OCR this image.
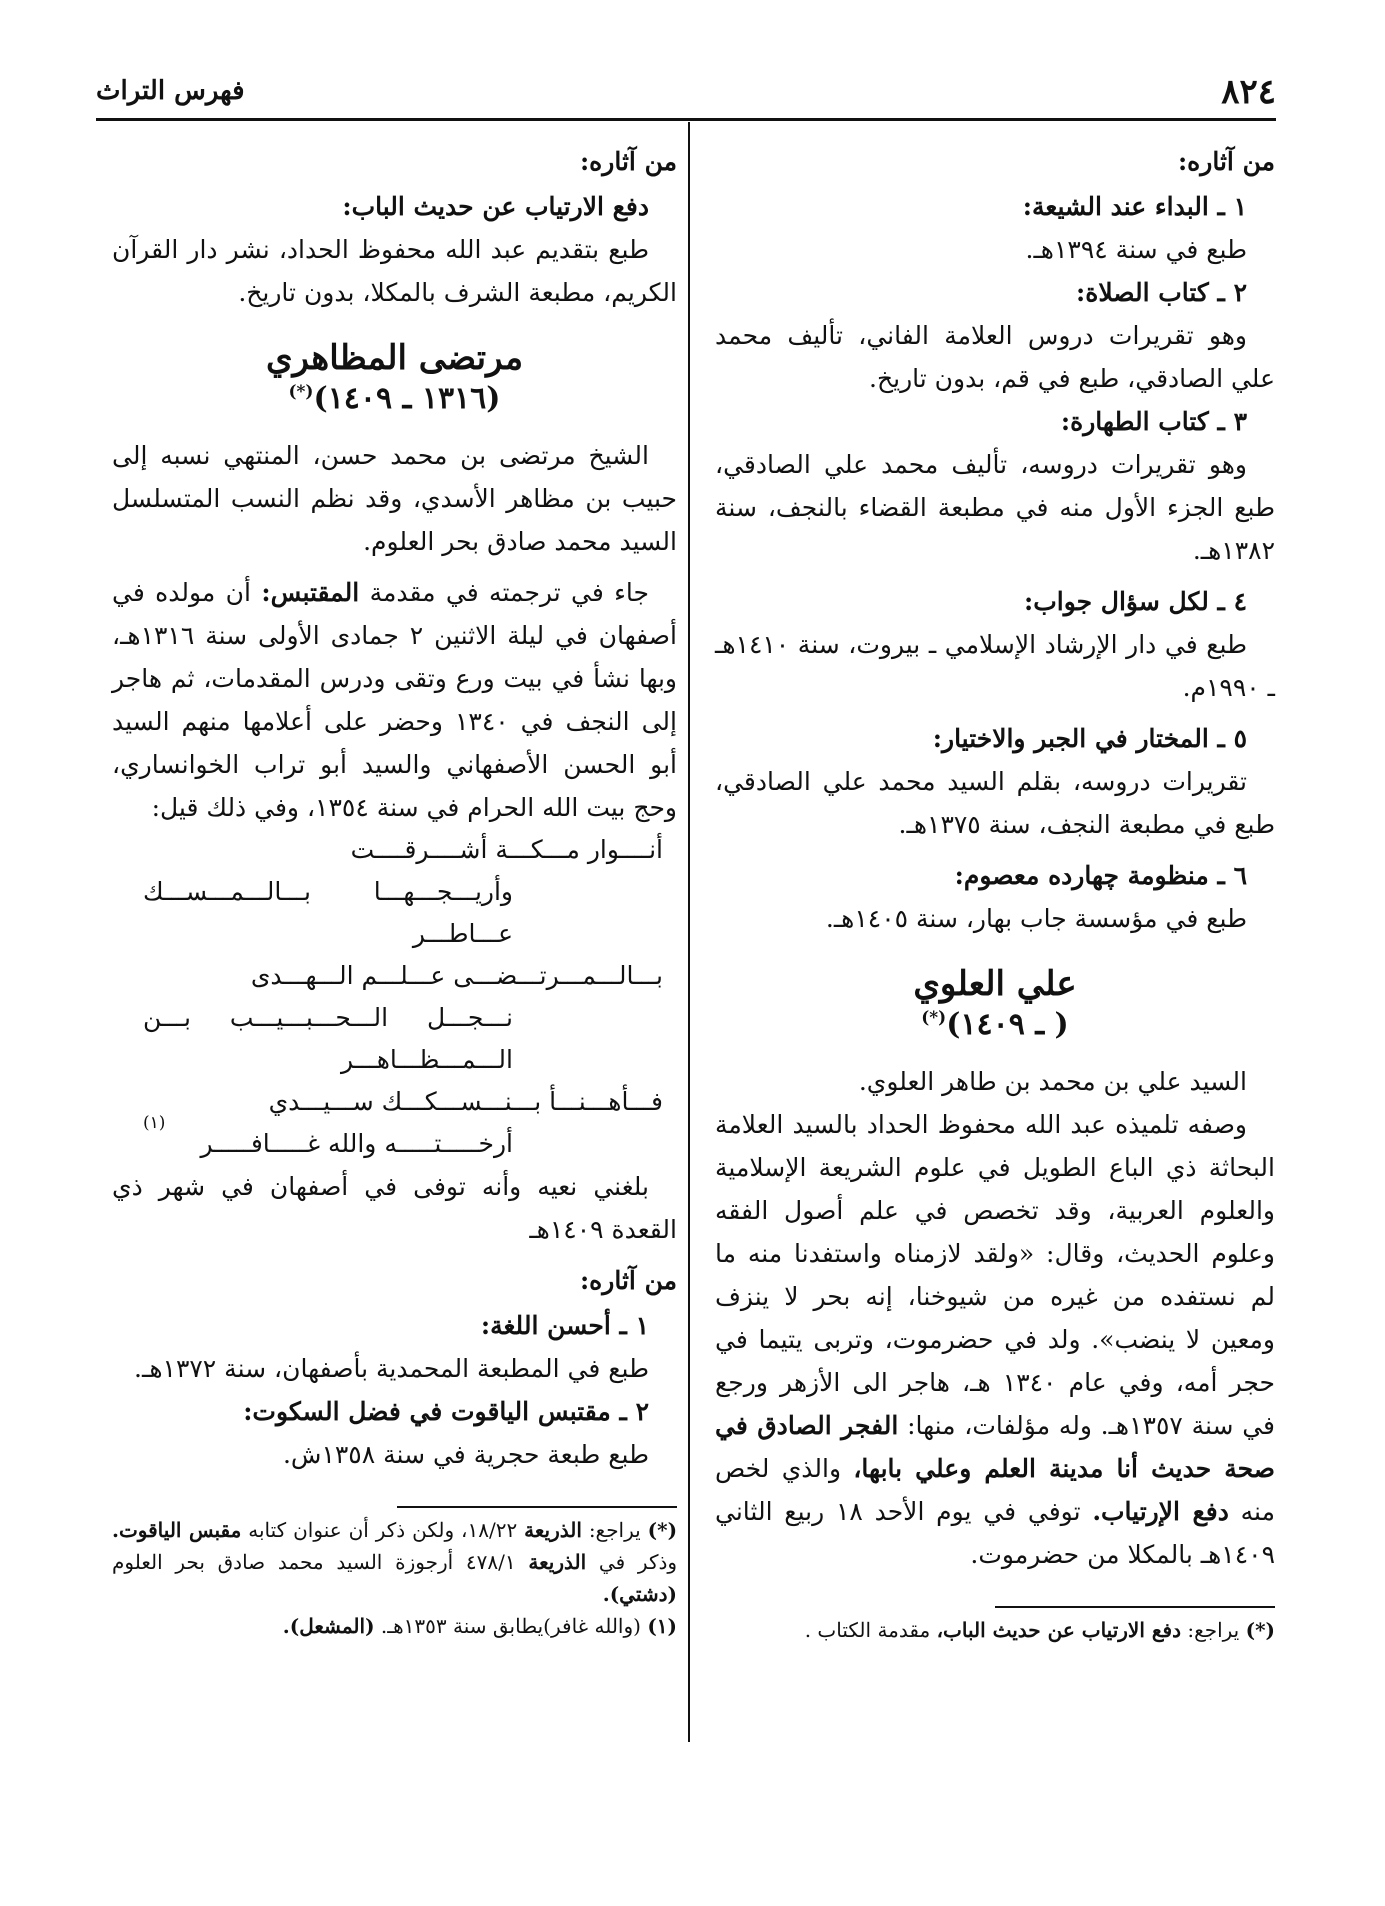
٨٢٤
فهرس التراث

من آثاره:

١ ـ البداء عند الشيعة:

طبع في سنة ١٣٩٤هـ.

٢ ـ كتاب الصلاة:

وهو تقريرات دروس العلامة الفاني، تأليف محمد علي الصادقي، طبع في قم، بدون تاريخ.

٣ ـ كتاب الطهارة:

وهو تقريرات دروسه، تأليف محمد علي الصادقي، طبع الجزء الأول منه في مطبعة القضاء بالنجف، سنة ١٣٨٢هـ.

٤ ـ لكل سؤال جواب:

طبع في دار الإرشاد الإسلامي ـ بيروت، سنة ١٤١٠هـ ـ ١٩٩٠م.

٥ ـ المختار في الجبر والاختيار:

تقريرات دروسه، بقلم السيد محمد علي الصادقي، طبع في مطبعة النجف، سنة ١٣٧٥هـ.

٦ ـ منظومة چهارده معصوم:

طبع في مؤسسة جاب بهار، سنة ١٤٠٥هـ.

علي العلوي

( ـ ١٤٠٩)(*)

السيد علي بن محمد بن طاهر العلوي.

وصفه تلميذه عبد الله محفوظ الحداد بالسيد العلامة البحاثة ذي الباع الطويل في علوم الشريعة الإسلامية والعلوم العربية، وقد تخصص في علم أصول الفقه وعلوم الحديث، وقال: «ولقد لازمناه واستفدنا منه ما لم نستفده من غيره من شيوخنا، إنه بحر لا ينزف ومعين لا ينضب». ولد في حضرموت، وتربى يتيما في حجر أمه، وفي عام ١٣٤٠ هـ، هاجر الى الأزهر ورجع في سنة ١٣٥٧هـ. وله مؤلفات، منها: الفجر الصادق في صحة حديث أنا مدينة العلم وعلي بابها، والذي لخص منه دفع الإرتياب. توفي في يوم الأحد ١٨ ربيع الثاني ١٤٠٩هـ بالمكلا من حضرموت.

(*) يراجع: دفع الارتياب عن حديث الباب، مقدمة الكتاب .

من آثاره:

دفع الارتياب عن حديث الباب:

طبع بتقديم عبد الله محفوظ الحداد، نشر دار القرآن الكريم، مطبعة الشرف بالمكلا، بدون تاريخ.

مرتضى المظاهري

(١٣١٦ ـ ١٤٠٩)(*)

الشيخ مرتضى بن محمد حسن، المنتهي نسبه إلى حبيب بن مظاهر الأسدي، وقد نظم النسب المتسلسل السيد محمد صادق بحر العلوم.

جاء في ترجمته في مقدمة المقتبس: أن مولده في أصفهان في ليلة الاثنين ٢ جمادى الأولى سنة ١٣١٦هـ، وبها نشأ في بيت ورع وتقى ودرس المقدمات، ثم هاجر إلى النجف في ١٣٤٠ وحضر على أعلامها منهم السيد أبو الحسن الأصفهاني والسيد أبو تراب الخوانساري، وحج بيت الله الحرام في سنة ١٣٥٤، وفي ذلك قيل:

أنــــوار مـــكـــة أشــــرقــــت
وأريـــجـــهـــا بـــالـــمـــســـك عـــاطـــر
بـــالـــمـــرتـــضـــى عـــلـــم الـــهـــدى
نـــجـــل الـــحـــبـــيـــب بـــن الـــمـــظـــاهـــر
فـــأهـــنـــأ بـــنـــســـكـــك ســـيـــدي
أرخـــــتـــــه والله غـــــافـــــر
(١)

بلغني نعيه وأنه توفى في أصفهان في شهر ذي القعدة ١٤٠٩هـ

من آثاره:

١ ـ أحسن اللغة:

طبع في المطبعة المحمدية بأصفهان، سنة ١٣٧٢هـ.

٢ ـ مقتبس الياقوت في فضل السكوت:

طبع طبعة حجرية في سنة ١٣٥٨ش.

(*) يراجع: الذريعة ١٨/٢٢، ولكن ذكر أن عنوان كتابه مقبس الياقوت. وذكر في الذريعة ٤٧٨/١ أرجوزة السيد محمد صادق بحر العلوم (دشتي).

(١) (والله غافر)يطابق سنة ١٣٥٣هـ. (المشعل).
